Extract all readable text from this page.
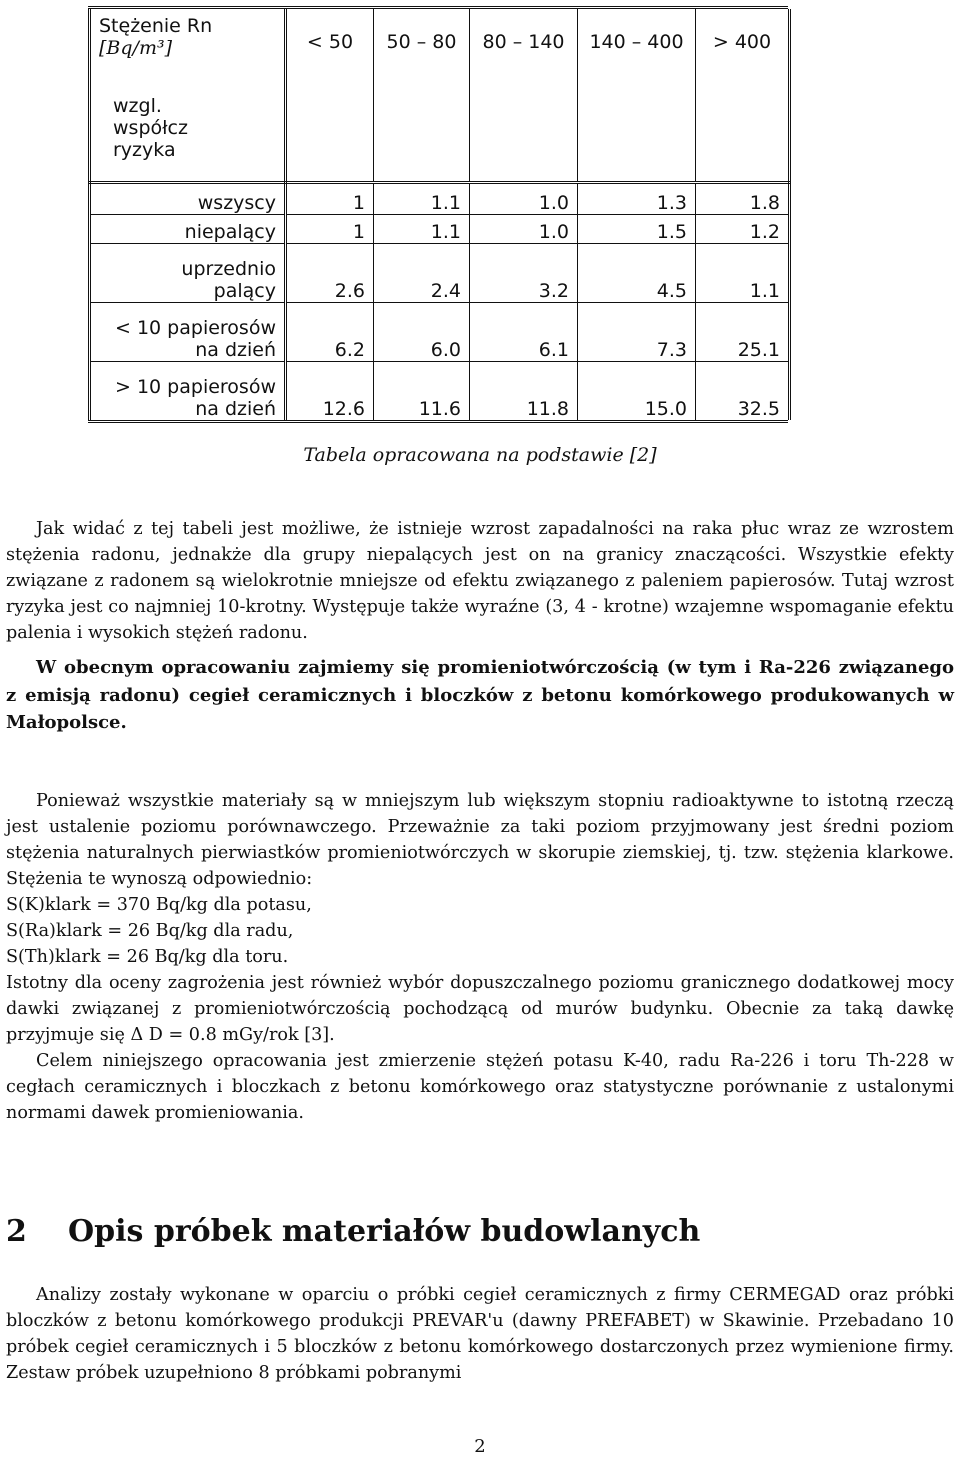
Stężenie Rn
[Bq/m³]	< 50	50 – 80	80 – 140	140 – 400	> 400

wzgl.
współcz
ryzyka					

wszyscy	1	1.1	1.0	1.3	1.8
niepalący	1	1.1	1.0	1.5	1.2

uprzednio
palący	2.6	2.4	3.2	4.5	1.1

< 10 papierosów
na dzień	6.2	6.0	6.1	7.3	25.1

> 10 papierosów
na dzień	12.6	11.6	11.8	15.0	32.5
Tabela opracowana na podstawie [2]

Jak widać z tej tabeli jest możliwe, że istnieje wzrost zapadalności na raka płuc wraz ze wzrostem stężenia radonu, jednakże dla grupy niepalących jest on na granicy znaczącości. Wszystkie efekty związane z radonem są wielokrotnie mniejsze od efektu związanego z paleniem papierosów. Tutaj wzrost ryzyka jest co najmniej 10-krotny. Występuje także wyraźne (3, 4 - krotne) wzajemne wspomaganie efektu palenia i wysokich stężeń radonu.

W obecnym opracowaniu zajmiemy się promieniotwórczością (w tym i Ra-226 związanego z emisją radonu) cegieł ceramicznych i bloczków z betonu komórkowego produkowanych w Małopolsce.

Ponieważ wszystkie materiały są w mniejszym lub większym stopniu radioaktywne to istotną rzeczą jest ustalenie poziomu porównawczego. Przeważnie za taki poziom przyjmowany jest średni poziom stężenia naturalnych pierwiastków promieniotwórczych w skorupie ziemskiej, tj. tzw. stężenia klarkowe. Stężenia te wynoszą odpowiednio:

S(K)klark = 370 Bq/kg dla potasu,

S(Ra)klark = 26 Bq/kg dla radu,

S(Th)klark = 26 Bq/kg dla toru.

Istotny dla oceny zagrożenia jest również wybór dopuszczalnego poziomu granicznego dodatkowej mocy dawki związanej z promieniotwórczością pochodzącą od murów budynku. Obecnie za taką dawkę przyjmuje się Δ D = 0.8 mGy/rok [3].

Celem niniejszego opracowania jest zmierzenie stężeń potasu K-40, radu Ra-226 i toru Th-228 w cegłach ceramicznych i bloczkach z betonu komórkowego oraz statystyczne porównanie z ustalonymi normami dawek promieniowania.

2 Opis próbek materiałów budowlanych

Analizy zostały wykonane w oparciu o próbki cegieł ceramicznych z firmy CERMEGAD oraz próbki bloczków z betonu komórkowego produkcji PREVAR'u (dawny PREFABET) w Skawinie. Przebadano 10 próbek cegieł ceramicznych i 5 bloczków z betonu komórkowego dostarczonych przez wymienione firmy. Zestaw próbek uzupełniono 8 próbkami pobranymi

2
